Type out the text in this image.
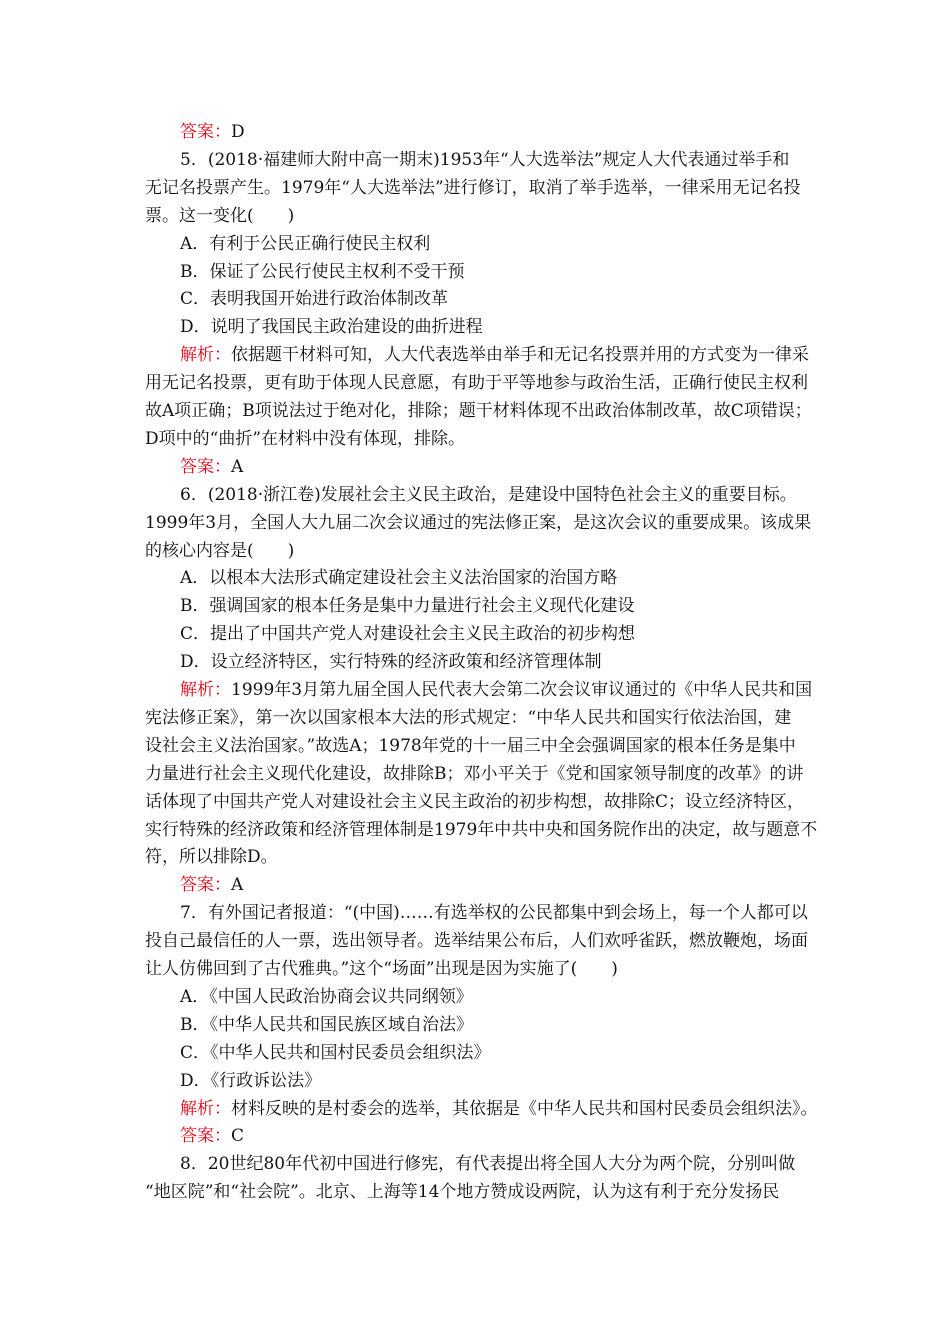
答案：D
5．(2018·福建师大附中高一期末)1953年“人大选举法”规定人大代表通过举手和
无记名投票产生。1979年“人大选举法”进行修订，取消了举手选举，一律采用无记名投
票。这一变化(　　)
A．有利于公民正确行使民主权利
B．保证了公民行使民主权利不受干预
C．表明我国开始进行政治体制改革
D．说明了我国民主政治建设的曲折进程
解析：依据题干材料可知，人大代表选举由举手和无记名投票并用的方式变为一律采
用无记名投票，更有助于体现人民意愿，有助于平等地参与政治生活，正确行使民主权利
故A项正确；B项说法过于绝对化，排除；题干材料体现不出政治体制改革，故C项错误；
D项中的“曲折”在材料中没有体现，排除。
答案：A
6．(2018·浙江卷)发展社会主义民主政治，是建设中国特色社会主义的重要目标。
1999年3月，全国人大九届二次会议通过的宪法修正案，是这次会议的重要成果。该成果
的核心内容是(　　)
A．以根本大法形式确定建设社会主义法治国家的治国方略
B．强调国家的根本任务是集中力量进行社会主义现代化建设
C．提出了中国共产党人对建设社会主义民主政治的初步构想
D．设立经济特区，实行特殊的经济政策和经济管理体制
解析：1999年3月第九届全国人民代表大会第二次会议审议通过的《中华人民共和国
宪法修正案》，第一次以国家根本大法的形式规定：“中华人民共和国实行依法治国，建
设社会主义法治国家。”故选A；1978年党的十一届三中全会强调国家的根本任务是集中
力量进行社会主义现代化建设，故排除B；邓小平关于《党和国家领导制度的改革》的讲
话体现了中国共产党人对建设社会主义民主政治的初步构想，故排除C；设立经济特区，
实行特殊的经济政策和经济管理体制是1979年中共中央和国务院作出的决定，故与题意不
符，所以排除D。
答案：A
7．有外国记者报道：“(中国)……有选举权的公民都集中到会场上，每一个人都可以
投自己最信任的人一票，选出领导者。选举结果公布后，人们欢呼雀跃，燃放鞭炮，场面
让人仿佛回到了古代雅典。”这个“场面”出现是因为实施了(　　)
A．《中国人民政治协商会议共同纲领》
B．《中华人民共和国民族区域自治法》
C．《中华人民共和国村民委员会组织法》
D．《行政诉讼法》
解析：材料反映的是村委会的选举，其依据是《中华人民共和国村民委员会组织法》。
答案：C
8．20世纪80年代初中国进行修宪，有代表提出将全国人大分为两个院，分别叫做
“地区院”和“社会院”。北京、上海等14个地方赞成设两院，认为这有利于充分发扬民
